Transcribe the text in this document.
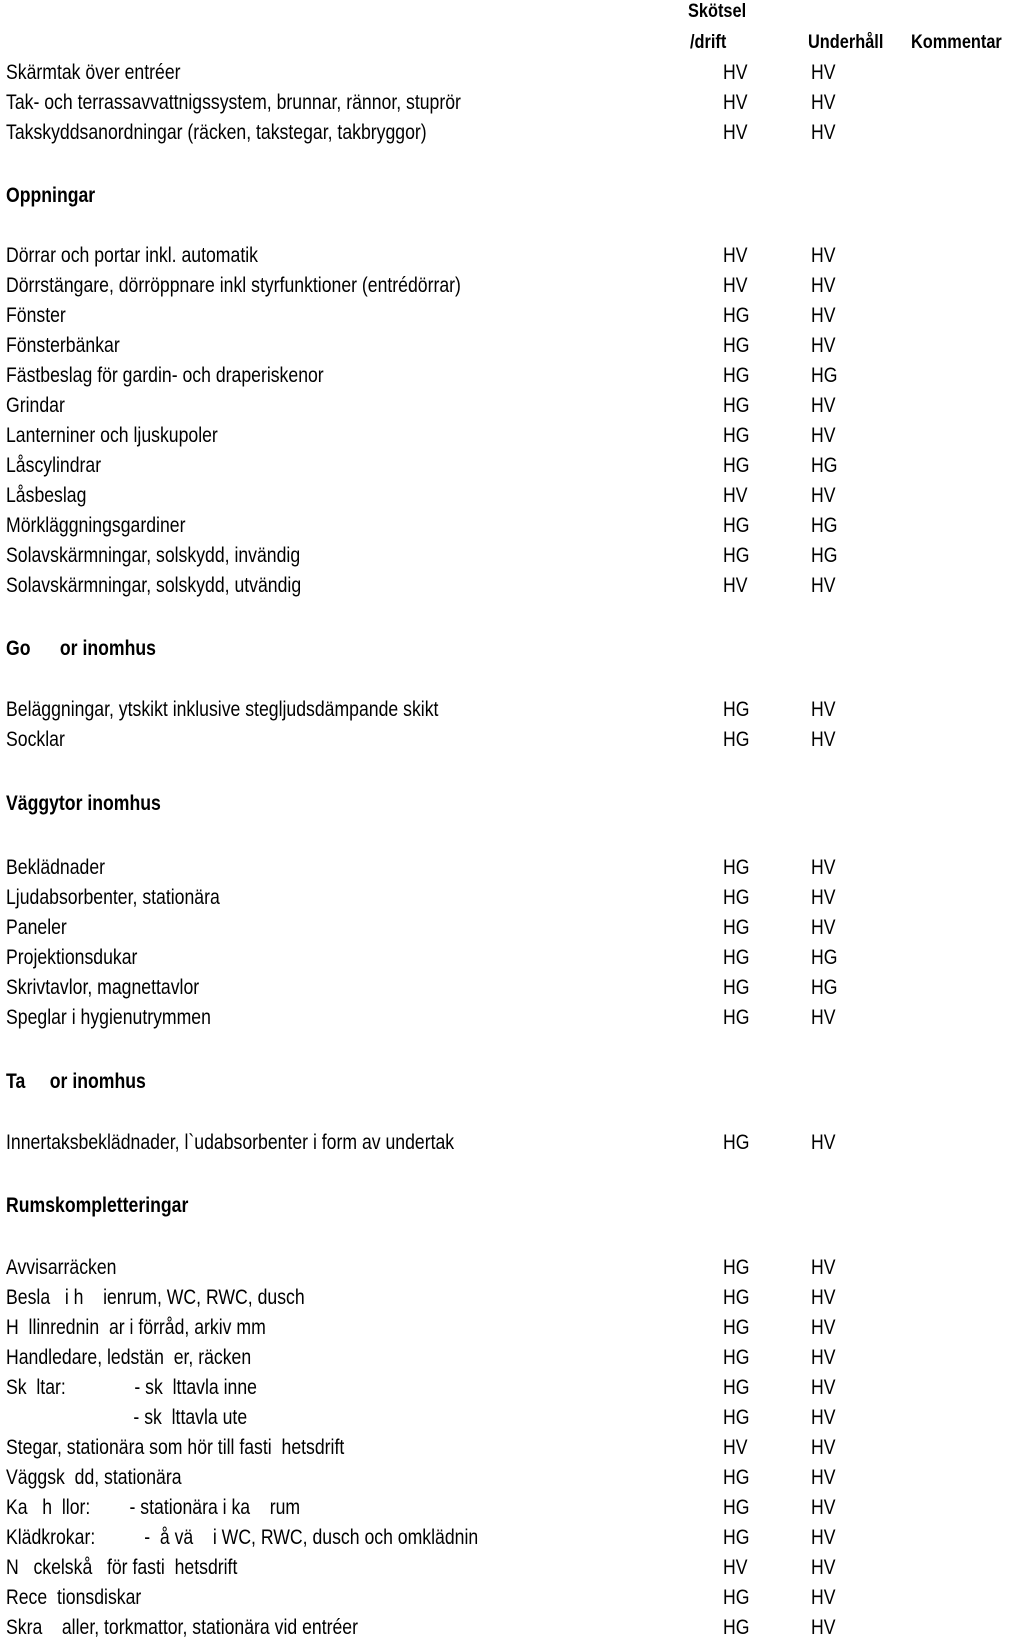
Skötsel
/drift	Underhåll Kommentar
Skärmtak över entréer	HV	HV
Tak- och terrassavvattnigssystem, brunnar, rännor, stuprör	HV	HV
Takskyddsanordningar (räcken, takstegar, takbryggor)	HV	HV
Oppningar
Dörrar och portar inkl. automatik	HV	HV
Dörrstängare, dörröppnare inkl styrfunktioner (entrédörrar)	HV	HV
Fönster	HG	HV
Fönsterbänkar	HG	HV
Fästbeslag för gardin- och draperiskenor	HG	HG
Grindar	HG	HV
Lanterniner och ljuskupoler	HG	HV
Låscylindrar	HG	HG
Låsbeslag	HV	HV
Mörkläggningsgardiner	HG	HG
Solavskärmningar, solskydd, invändig	HG	HG
Solavskärmningar, solskydd, utvändig	HV	HV
Go      or inomhus
Beläggningar, ytskikt inklusive stegljudsdämpande skikt	HG	HV
Socklar	HG	HV
Väggytor inomhus
Beklädnader	HG	HV
Ljudabsorbenter, stationära	HG	HV
Paneler	HG	HV
Projektionsdukar	HG	HG
Skrivtavlor, magnettavlor	HG	HG
Speglar i hygienutrymmen	HG	HV
Ta     or inomhus
Innertaksbeklädnader, l`udabsorbenter i form av undertak	HG	HV
Rumskompletteringar
Avvisarräcken	HG	HV
Besla   i h    ienrum, WC, RWC, dusch	HG	HV
H  llinrednin  ar i förråd, arkiv mm	HG	HV
Handledare, ledstän  er, räcken	HG	HV
Sk  ltar:              - sk  lttavla inne	HG	HV
- sk  lttavla ute	HG	HV
Stegar, stationära som hör till fasti  hetsdrift	HV	HV
Väggsk  dd, stationära	HG	HV
Ka   h  llor:        - stationära i ka    rum	HG	HV
Klädkrokar:          -  å vä    i WC, RWC, dusch och omklädnin	HG	HV
N   ckelskå   för fasti  hetsdrift	HV	HV
Rece  tionsdiskar	HG	HV
Skra    aller, torkmattor, stationära vid entréer	HG	HV
